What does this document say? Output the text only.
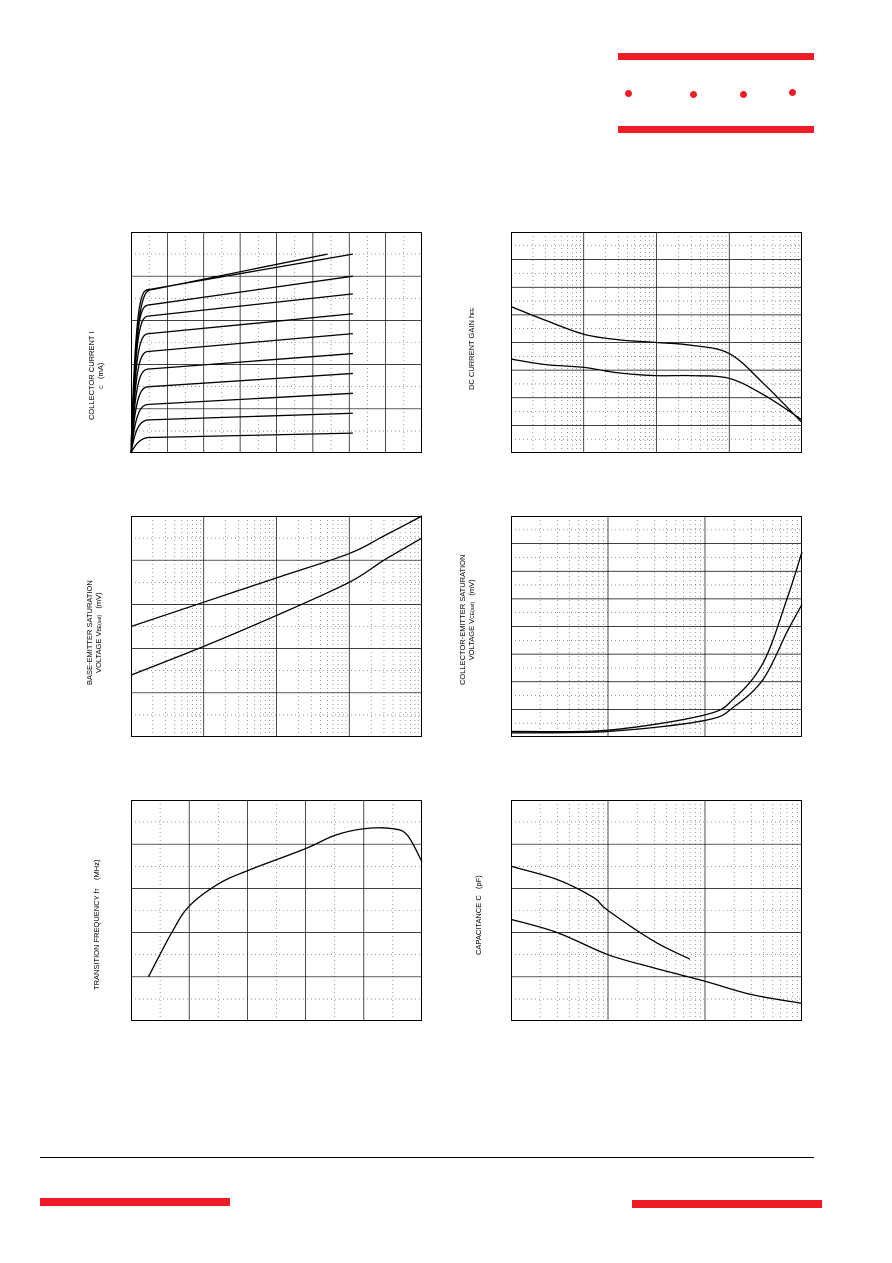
COLLECTOR CURRENT I C   (mA)	DC CURRENT GAIN hFE
BASE-EMITTER SATURATION VOLTAGE VBE(sat)   (mV)	COLLECTOR-EMITTER SATURATION VOLTAGE VCE(sat)   (mV)
TRANSITION FREQUENCY fT    (MHz)
CAPACITANCE C   (pF)
